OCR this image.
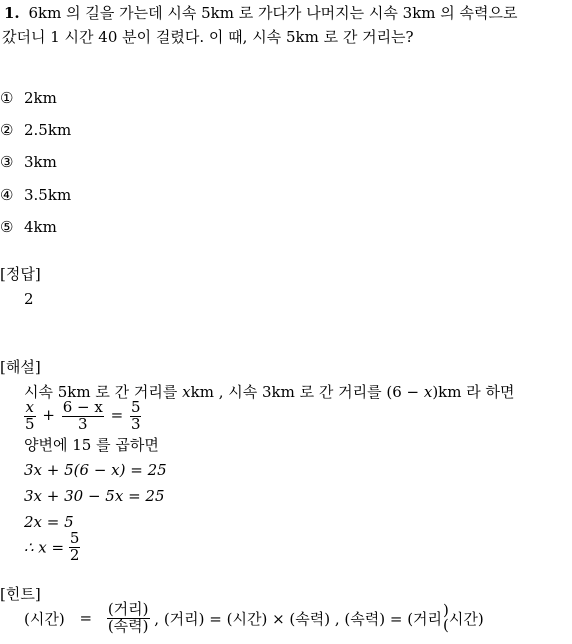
1. 6km 의 길을 가는데 시속 5km 로 가다가 나머지는 시속 3km 의 속력으로
갔더니 1 시간 40 분이 걸렸다. 이 때, 시속 5km 로 간 거리는?
① 2km
② 2.5km
③ 3km
④ 3.5km
⑤ 4km
[정답]
2
[해설]
시속 5km 로 간 거리를 xkm , 시속 3km 로 간 거리를 (6 − x)km 라 하면
$\frac{x}{5} + \frac{6 - x}{3} = \frac{5}{3}$
양변에 15 를 곱하면
3x + 5(6 − x) = 25
3x + 30 − 5x = 25
2x = 5
∴ $x = \frac{5}{2}$
[힌트]
(시간) = $\frac{\text{(거리)}}{\text{(속력)}}$ , (거리) = (시간) × (속력) , (속력) = (거리
)
( 시간)
